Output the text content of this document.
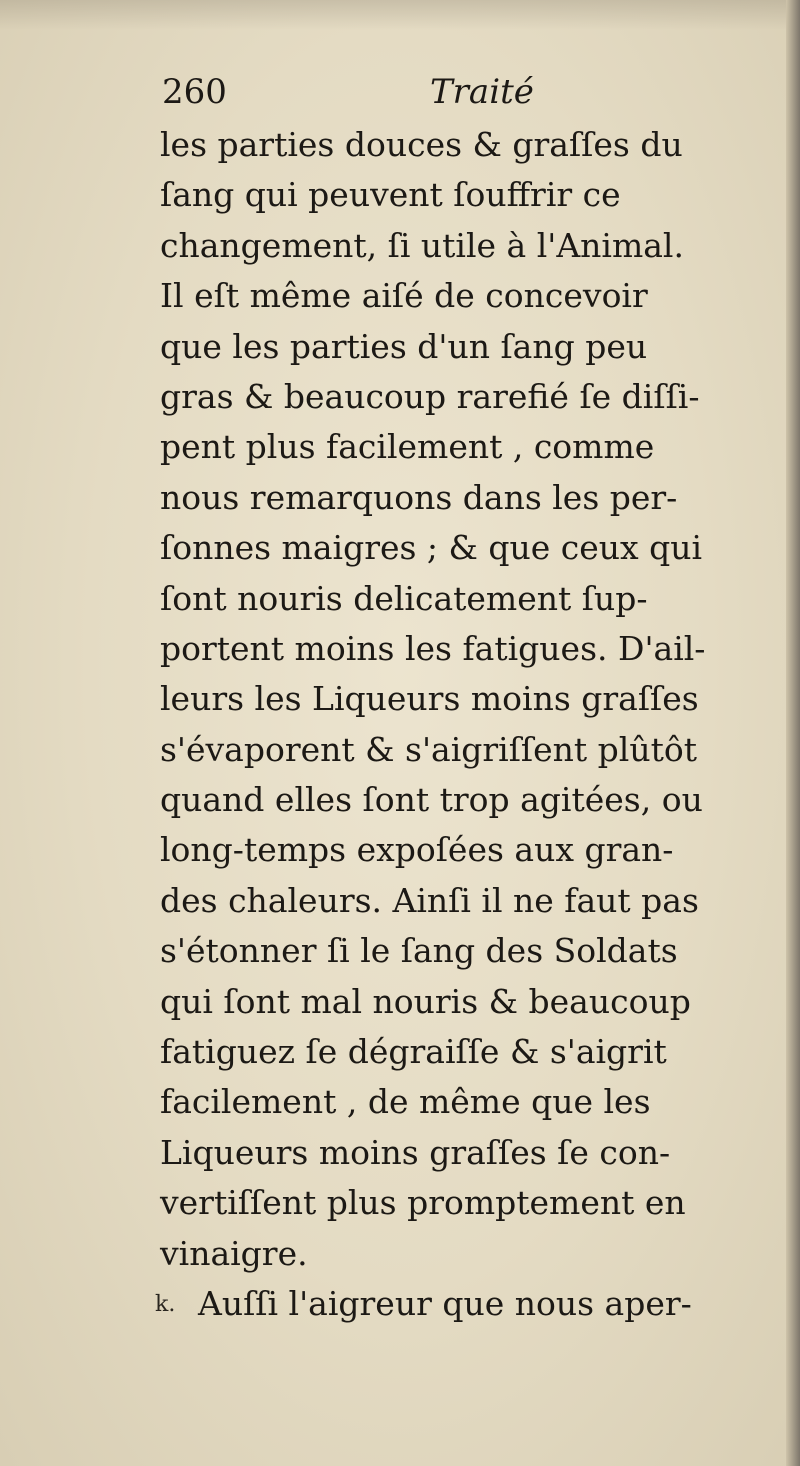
260	Traité
les parties douces & graſſes du
ſang qui peuvent ſouffrir ce
changement, ſi utile à l'Animal.
Il eſt même aiſé de concevoir
que les parties d'un ſang peu
gras & beaucoup rarefié ſe diſſi-
pent plus facilement , comme
nous remarquons dans les per-
ſonnes maigres ; & que ceux qui
ſont nouris delicatement ſup-
portent moins les fatigues. D'ail-
leurs les Liqueurs moins graſſes
s'évaporent & s'aigriſſent plûtôt
quand elles ſont trop agitées, ou
long-temps expoſées aux gran-
des chaleurs. Ainſi il ne faut pas
s'étonner ſi le ſang des Soldats
qui ſont mal nouris & beaucoup
fatiguez ſe dégraiſſe & s'aigrit
facilement , de même que les
Liqueurs moins graſſes ſe con-
vertiſſent plus promptement en
vinaigre.
Auſſi l'aigreur que nous aper-
k.
